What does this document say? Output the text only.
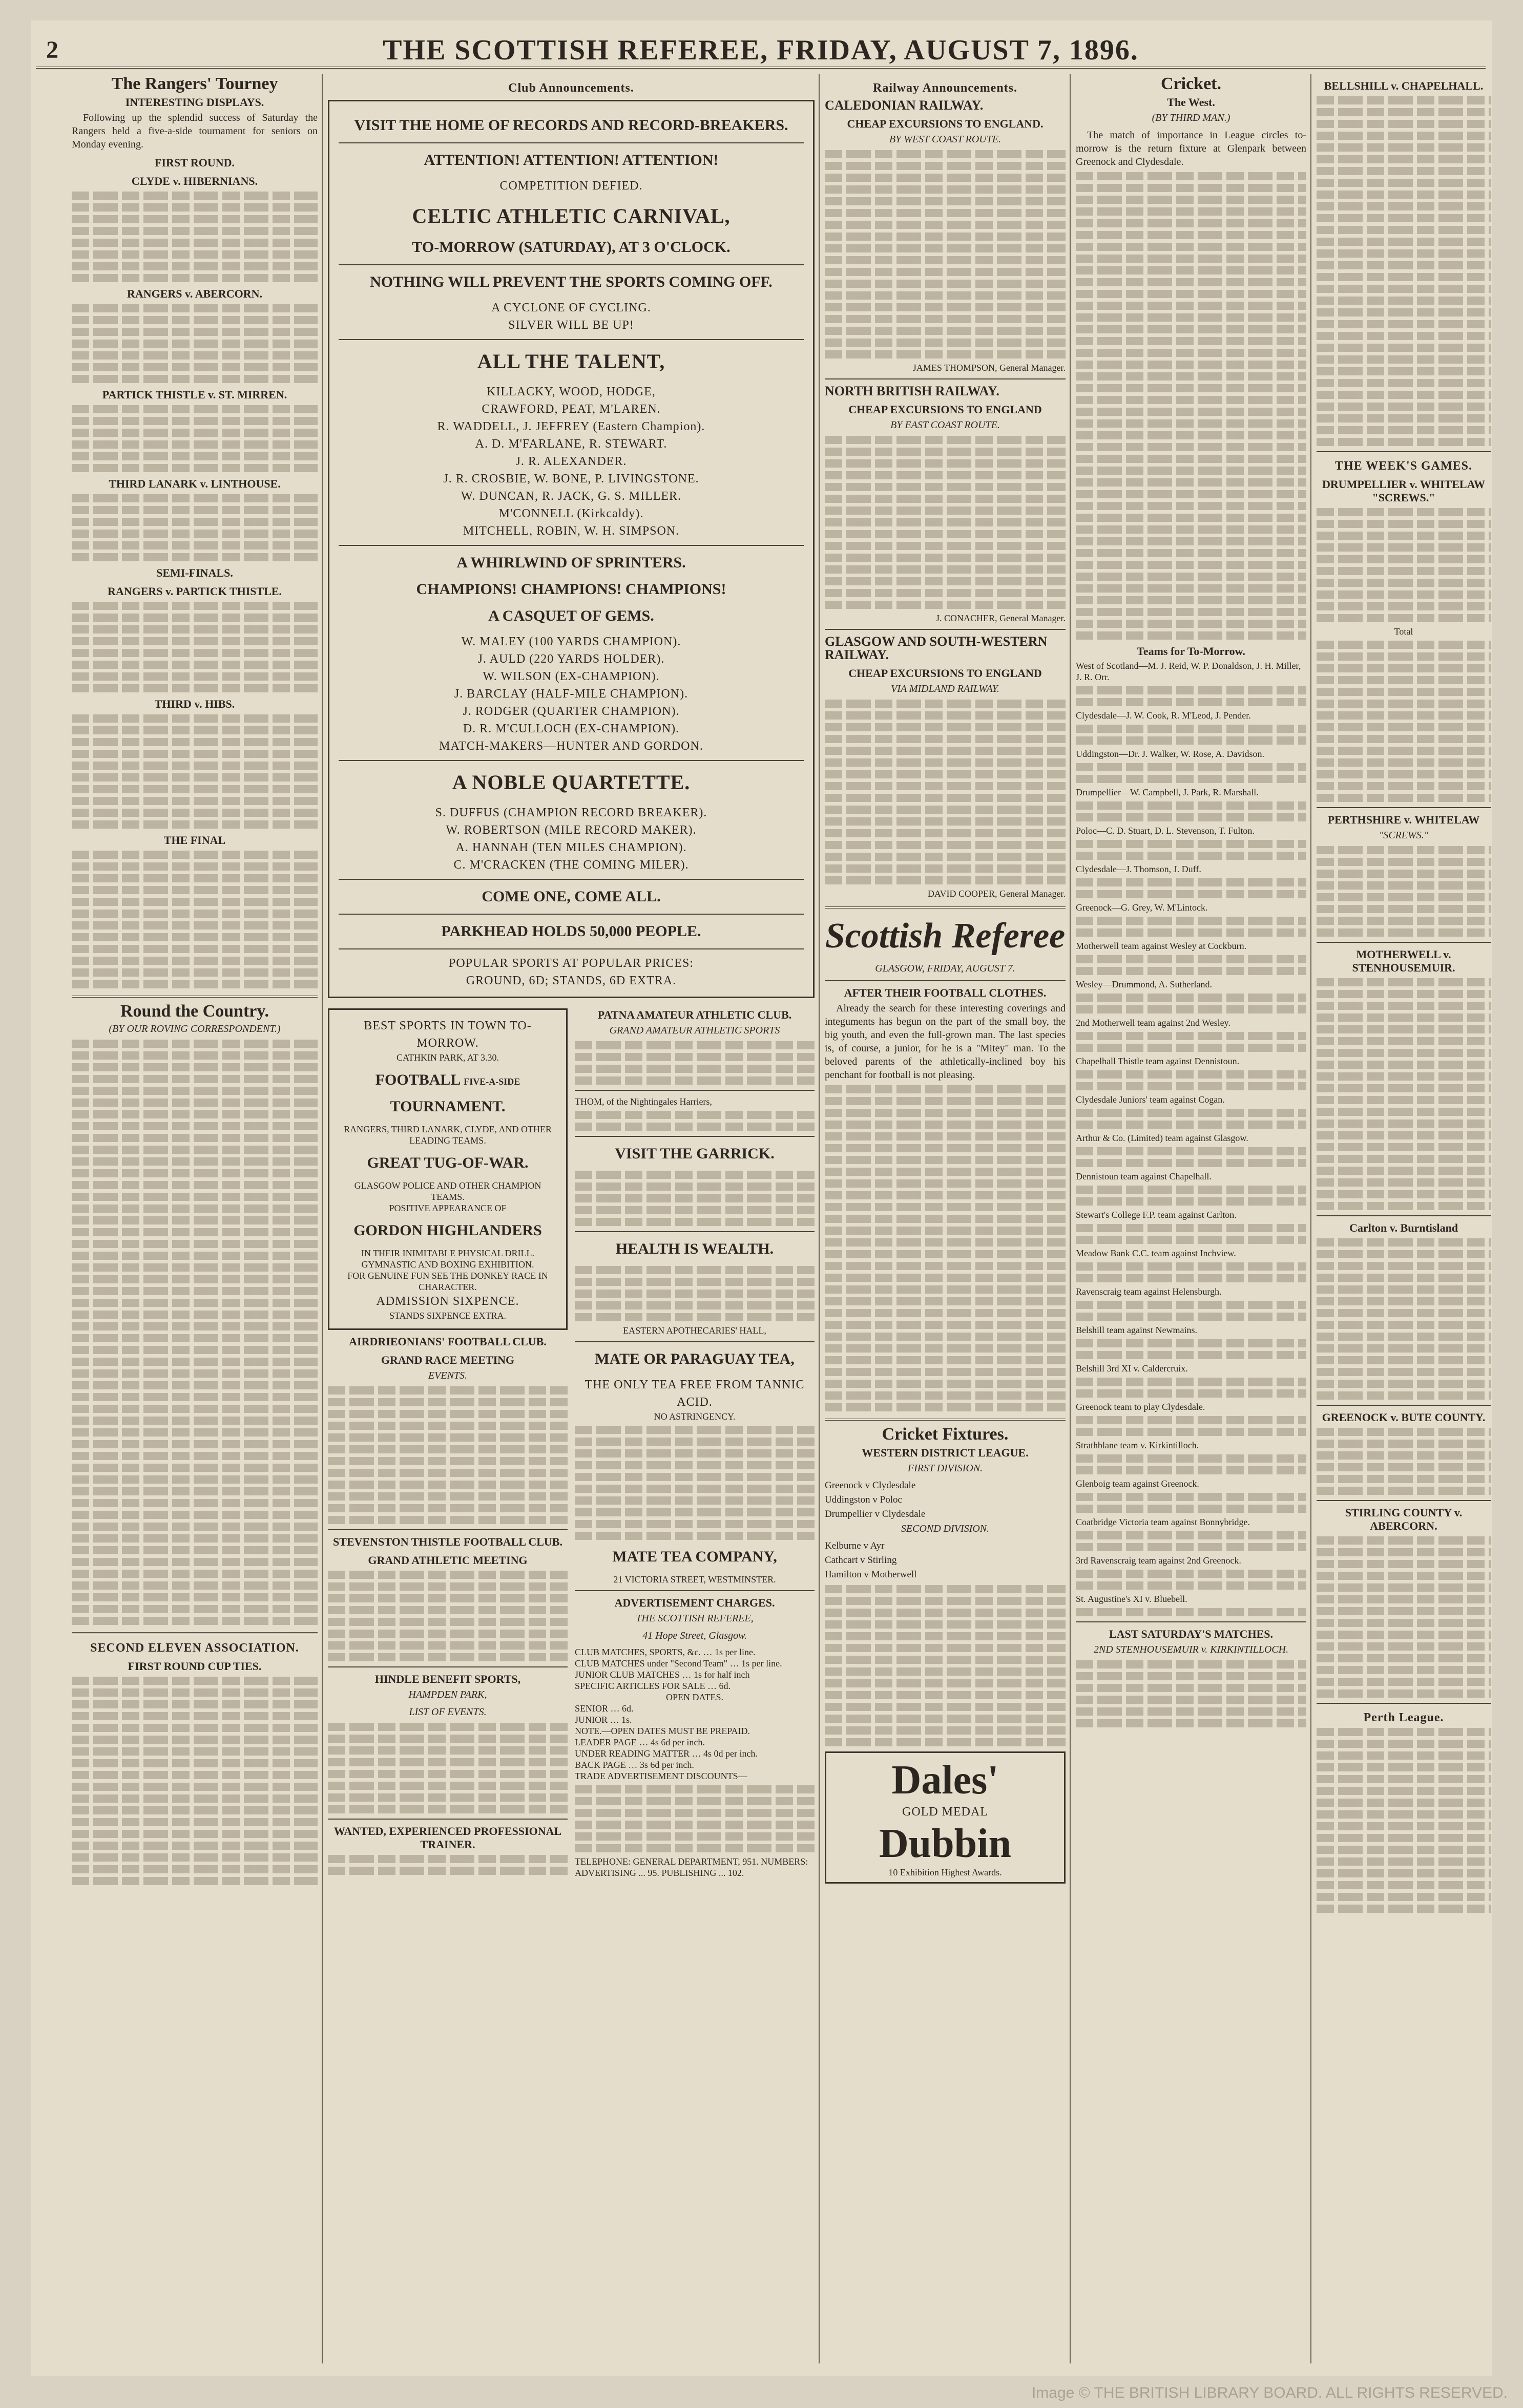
2	THE SCOTTISH REFEREE, FRIDAY, AUGUST 7, 1896.
The Rangers' Tourney
INTERESTING DISPLAYS.

Following up the splendid success of Saturday the Rangers held a five-a-side tournament for seniors on Monday evening.

FIRST ROUND.
CLYDE v. HIBERNIANS.
RANGERS v. ABERCORN.
PARTICK THISTLE v. ST. MIRREN.
THIRD LANARK v. LINTHOUSE.
SEMI-FINALS.
RANGERS v. PARTICK THISTLE.
THIRD v. HIBS.
THE FINAL
Round the Country.
(BY OUR ROVING CORRESPONDENT.)
SECOND ELEVEN ASSOCIATION.
FIRST ROUND CUP TIES.
Club Announcements.
VISIT THE HOME OF RECORDS AND RECORD-BREAKERS.
ATTENTION! ATTENTION! ATTENTION!
COMPETITION DEFIED.
CELTIC ATHLETIC CARNIVAL,
TO-MORROW (SATURDAY), AT 3 O'CLOCK.
NOTHING WILL PREVENT THE SPORTS COMING OFF.
A CYCLONE OF CYCLING.
SILVER WILL BE UP!
ALL THE TALENT,
KILLACKY, WOOD, HODGE,
CRAWFORD, PEAT, M'LAREN.
R. WADDELL, J. JEFFREY (Eastern Champion).
A. D. M'FARLANE, R. STEWART.
J. R. ALEXANDER.
J. R. CROSBIE, W. BONE, P. LIVINGSTONE.
W. DUNCAN, R. JACK, G. S. MILLER.
M'CONNELL (Kirkcaldy).
MITCHELL, ROBIN, W. H. SIMPSON.
A WHIRLWIND OF SPRINTERS.
CHAMPIONS! CHAMPIONS! CHAMPIONS!
A CASQUET OF GEMS.
W. MALEY (100 YARDS CHAMPION).
J. AULD (220 YARDS HOLDER).
W. WILSON (EX-CHAMPION).
J. BARCLAY (HALF-MILE CHAMPION).
J. RODGER (QUARTER CHAMPION).
D. R. M'CULLOCH (EX-CHAMPION).
MATCH-MAKERS—HUNTER AND GORDON.
A NOBLE QUARTETTE.
S. DUFFUS (CHAMPION RECORD BREAKER).
W. ROBERTSON (MILE RECORD MAKER).
A. HANNAH (TEN MILES CHAMPION).
C. M'CRACKEN (THE COMING MILER).
COME ONE, COME ALL.
PARKHEAD HOLDS 50,000 PEOPLE.
POPULAR SPORTS AT POPULAR PRICES:
GROUND, 6D; STANDS, 6D EXTRA.
BEST SPORTS IN TOWN TO-MORROW.
CATHKIN PARK, AT 3.30.
FOOTBALL FIVE-A-SIDE
TOURNAMENT.
RANGERS, THIRD LANARK, CLYDE, AND OTHER LEADING TEAMS.
GREAT TUG-OF-WAR.
GLASGOW POLICE AND OTHER CHAMPION TEAMS.
POSITIVE APPEARANCE OF
GORDON HIGHLANDERS
IN THEIR INIMITABLE PHYSICAL DRILL.
GYMNASTIC AND BOXING EXHIBITION.
FOR GENUINE FUN SEE THE DONKEY RACE IN CHARACTER.
ADMISSION SIXPENCE.
STANDS SIXPENCE EXTRA.
AIRDRIEONIANS' FOOTBALL CLUB.
GRAND RACE MEETING
EVENTS.
STEVENSTON THISTLE FOOTBALL CLUB.
GRAND ATHLETIC MEETING
HINDLE BENEFIT SPORTS,
HAMPDEN PARK,
LIST OF EVENTS.
WANTED, EXPERIENCED PROFESSIONAL TRAINER.
PATNA AMATEUR ATHLETIC CLUB.
GRAND AMATEUR ATHLETIC SPORTS
THOM, of the Nightingales Harriers,
VISIT THE GARRICK.
HEALTH IS WEALTH.
EASTERN APOTHECARIES' HALL,
MATE OR PARAGUAY TEA,
THE ONLY TEA FREE FROM TANNIC ACID.
NO ASTRINGENCY.
MATE TEA COMPANY,
21 VICTORIA STREET, WESTMINSTER.
ADVERTISEMENT CHARGES.
THE SCOTTISH REFEREE,
41 Hope Street, Glasgow.
CLUB MATCHES, SPORTS, &c. … 1s per line.
CLUB MATCHES under "Second Team" … 1s per line.
JUNIOR CLUB MATCHES … 1s for half inch
SPECIFIC ARTICLES FOR SALE … 6d.
OPEN DATES.
SENIOR … 6d.
JUNIOR … 1s.
NOTE.—OPEN DATES MUST BE PREPAID.
LEADER PAGE … 4s 6d per inch.
UNDER READING MATTER … 4s 0d per inch.
BACK PAGE … 3s 6d per inch.
TRADE ADVERTISEMENT DISCOUNTS—
TELEPHONE: GENERAL DEPARTMENT, 951. NUMBERS: ADVERTISING ... 95. PUBLISHING ... 102.
Railway Announcements.
CALEDONIAN RAILWAY.
CHEAP EXCURSIONS TO ENGLAND.
BY WEST COAST ROUTE.
JAMES THOMPSON, General Manager.
NORTH BRITISH RAILWAY.
CHEAP EXCURSIONS TO ENGLAND
BY EAST COAST ROUTE.
J. CONACHER, General Manager.
GLASGOW AND SOUTH-WESTERN RAILWAY.
CHEAP EXCURSIONS TO ENGLAND
VIA MIDLAND RAILWAY.
DAVID COOPER, General Manager.
Scottish Referee
GLASGOW, FRIDAY, AUGUST 7.
AFTER THEIR FOOTBALL CLOTHES.

Already the search for these interesting coverings and integuments has begun on the part of the small boy, the big youth, and even the full-grown man. The last species is, of course, a junior, for he is a "Mitey" man. To the beloved parents of the athletically-inclined boy his penchant for football is not pleasing.

Cricket Fixtures.
WESTERN DISTRICT LEAGUE.
FIRST DIVISION.
Greenock v Clydesdale
Uddingston v Poloc
Drumpellier v Clydesdale
SECOND DIVISION.
Kelburne v Ayr
Cathcart v Stirling
Hamilton v Motherwell
Dales'
GOLD MEDAL
Dubbin
10 Exhibition Highest Awards.
Cricket.
The West.
(BY THIRD MAN.)

The match of importance in League circles to-morrow is the return fixture at Glenpark between Greenock and Clydesdale.

Teams for To-Morrow.
West of Scotland—M. J. Reid, W. P. Donaldson, J. H. Miller, J. R. Orr.
Clydesdale—J. W. Cook, R. M'Leod, J. Pender.
Uddingston—Dr. J. Walker, W. Rose, A. Davidson.
Drumpellier—W. Campbell, J. Park, R. Marshall.
Poloc—C. D. Stuart, D. L. Stevenson, T. Fulton.
Clydesdale—J. Thomson, J. Duff.
Greenock—G. Grey, W. M'Lintock.
Motherwell team against Wesley at Cockburn.
Wesley—Drummond, A. Sutherland.
2nd Motherwell team against 2nd Wesley.
Chapelhall Thistle team against Dennistoun.
Clydesdale Juniors' team against Cogan.
Arthur & Co. (Limited) team against Glasgow.
Dennistoun team against Chapelhall.
Stewart's College F.P. team against Carlton.
Meadow Bank C.C. team against Inchview.
Ravenscraig team against Helensburgh.
Belshill team against Newmains.
Belshill 3rd XI v. Caldercruix.
Greenock team to play Clydesdale.
Strathblane team v. Kirkintilloch.
Glenboig team against Greenock.
Coatbridge Victoria team against Bonnybridge.
3rd Ravenscraig team against 2nd Greenock.
St. Augustine's XI v. Bluebell.
LAST SATURDAY'S MATCHES.
2ND STENHOUSEMUIR v. KIRKINTILLOCH.
BELLSHILL v. CHAPELHALL.
THE WEEK'S GAMES.
DRUMPELLIER v. WHITELAW "SCREWS."
Total
PERTHSHIRE v. WHITELAW
"SCREWS."
MOTHERWELL v. STENHOUSEMUIR.
Carlton v. Burntisland
GREENOCK v. BUTE COUNTY.
STIRLING COUNTY v. ABERCORN.
Perth League.
Image © THE BRITISH LIBRARY BOARD. ALL RIGHTS RESERVED.
